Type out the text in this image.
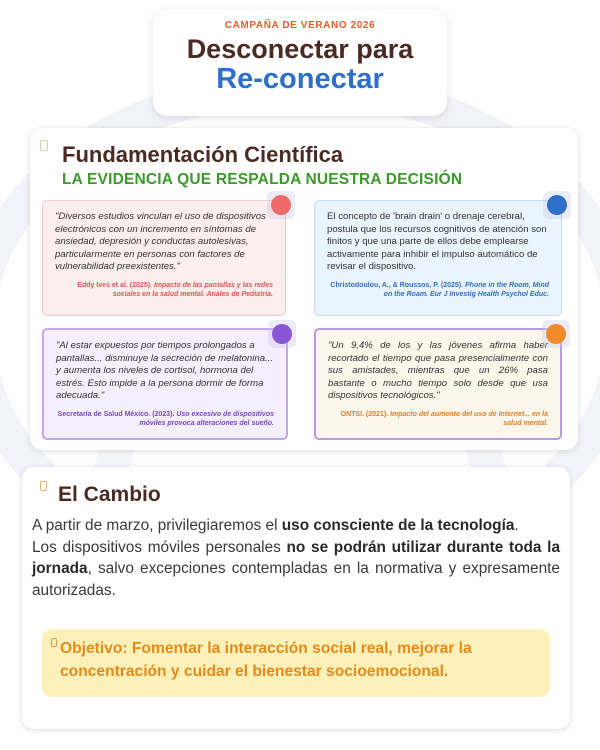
CAMPAÑA DE VERANO 2026
Desconectar para
Re-conectar
Fundamentación Científica
LA EVIDENCIA QUE RESPALDA NUESTRA DECISIÓN

"Diversos estudios vinculan el uso de dispositivos electrónicos con un incremento en síntomas de ansiedad, depresión y conductas autolesivas, particularmente en personas con factores de vulnerabilidad preexistentes."

Eddy Ives et al. (2025). Impacto de las pantallas y las redes sociales en la salud mental. Anales de Pediatría.

El concepto de 'brain drain' o drenaje cerebral, postula que los recursos cognitivos de atención son finitos y que una parte de ellos debe emplearse activamente para inhibir el impulso automático de revisar el dispositivo.

Christodoulou, A., & Roussos, P. (2025). Phone in the Room, Mind on the Roam. Eur J Investig Health Psychol Educ.

"Al estar expuestos por tiempos prolongados a pantallas... disminuye la secreción de melatonina... y aumenta los niveles de cortisol, hormona del estrés. Esto impide a la persona dormir de forma adecuada."

Secretaría de Salud México. (2023). Uso excesivo de dispositivos móviles provoca alteraciones del sueño.

"Un 9,4% de los y las jóvenes afirma haber recortado el tiempo que pasa presencialmente con sus amistades, mientras que un 26% pasa bastante o mucho tiempo solo desde que usa dispositivos tecnológicos."

ONTSI. (2021). Impacto del aumento del uso de Internet... en la salud mental.

El Cambio

A partir de marzo, privilegiaremos el uso consciente de la tecnología.

Los dispositivos móviles personales no se podrán utilizar durante toda la jornada, salvo excepciones contempladas en la normativa y expresamente autorizadas.

Objetivo: Fomentar la interacción social real, mejorar la concentración y cuidar el bienestar socioemocional.
